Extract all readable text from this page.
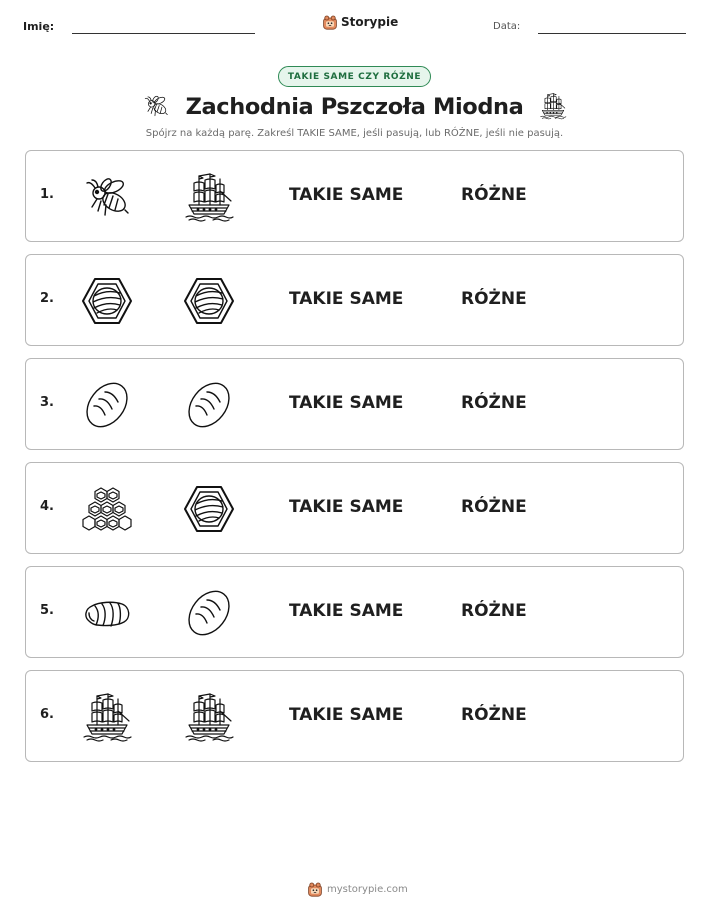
Imię:	Storypie	Data:
TAKIE SAME CZY RÓŻNE
Zachodnia Pszczoła Miodna

Spójrz na każdą parę. Zakreśl TAKIE SAME, jeśli pasują, lub RÓŻNE, jeśli nie pasują.

1.	TAKIE SAME	RÓŻNE
2.	TAKIE SAME	RÓŻNE
3.	TAKIE SAME	RÓŻNE
4.	TAKIE SAME	RÓŻNE
5.	TAKIE SAME	RÓŻNE
6.	TAKIE SAME	RÓŻNE
mystorypie.com
